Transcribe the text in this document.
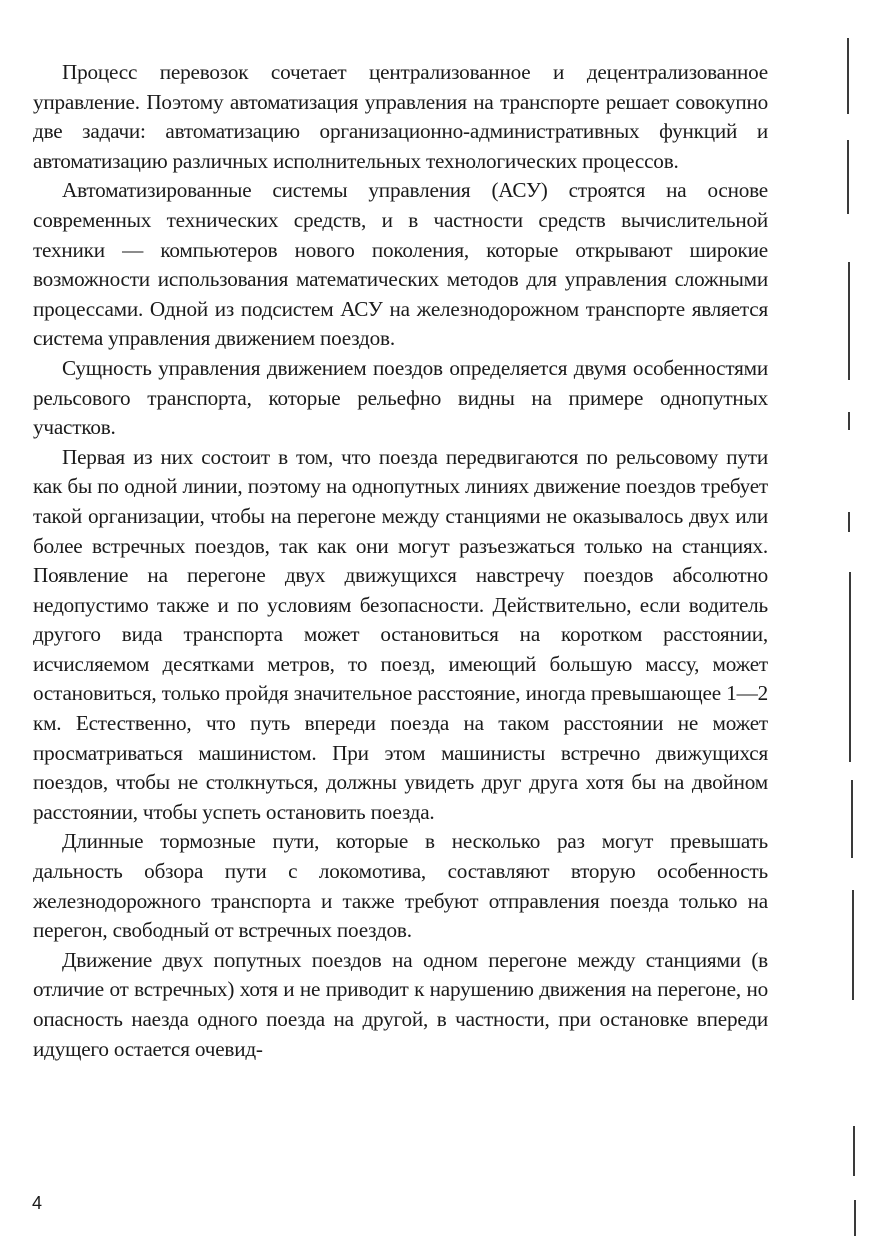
Процесс перевозок сочетает централизованное и децентрализованное управление. Поэтому автоматизация управления на транспорте решает совокупно две задачи: автоматизацию организационно-административных функций и автоматизацию различных исполнительных технологических процессов.

Автоматизированные системы управления (АСУ) строятся на основе современных технических средств, и в частности средств вычислительной техники — компьютеров нового поколения, которые открывают широкие возможности использования математических методов для управления сложными процессами. Одной из подсистем АСУ на железнодорожном транспорте является система управления движением поездов.

Сущность управления движением поездов определяется двумя особенностями рельсового транспорта, которые рельефно видны на примере однопутных участков.

Первая из них состоит в том, что поезда передвигаются по рельсовому пути как бы по одной линии, поэтому на однопутных линиях движение поездов требует такой организации, чтобы на перегоне между станциями не оказывалось двух или более встречных поездов, так как они могут разъезжаться только на станциях. Появление на перегоне двух движущихся навстречу поездов абсолютно недопустимо также и по условиям безопасности. Действительно, если водитель другого вида транспорта может остановиться на коротком расстоянии, исчисляемом десятками метров, то поезд, имеющий большую массу, может остановиться, только пройдя значительное расстояние, иногда превышающее 1—2 км. Естественно, что путь впереди поезда на таком расстоянии не может просматриваться машинистом. При этом машинисты встречно движущихся поездов, чтобы не столкнуться, должны увидеть друг друга хотя бы на двойном расстоянии, чтобы успеть остановить поезда.

Длинные тормозные пути, которые в несколько раз могут превышать дальность обзора пути с локомотива, составляют вторую особенность железнодорожного транспорта и также требуют отправления поезда только на перегон, свободный от встречных поездов.

Движение двух попутных поездов на одном перегоне между станциями (в отличие от встречных) хотя и не приводит к нарушению движения на перегоне, но опасность наезда одного поезда на другой, в частности, при остановке впереди идущего остается очевид-

4
